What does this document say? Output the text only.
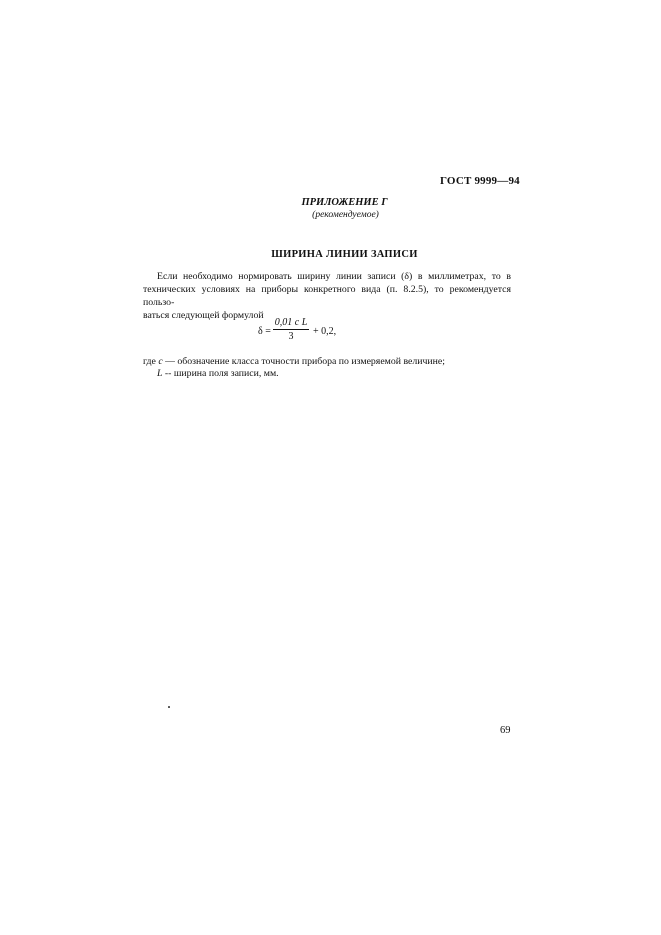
ГОСТ 9999—94
ПРИЛОЖЕНИЕ Г
(рекомендуемое)
ШИРИНА ЛИНИИ ЗАПИСИ
Если необходимо нормировать ширину линии записи (δ) в миллиметрах, то в
технических условиях на приборы конкретного вида (п. 8.2.5), то рекомендуется пользо-
ваться следующей формулой
δ =
0,01 c L
3	+ 0,2,
где c — обозначение класса точности прибора по измеряемой величине;
L -- ширина поля записи, мм.
69
